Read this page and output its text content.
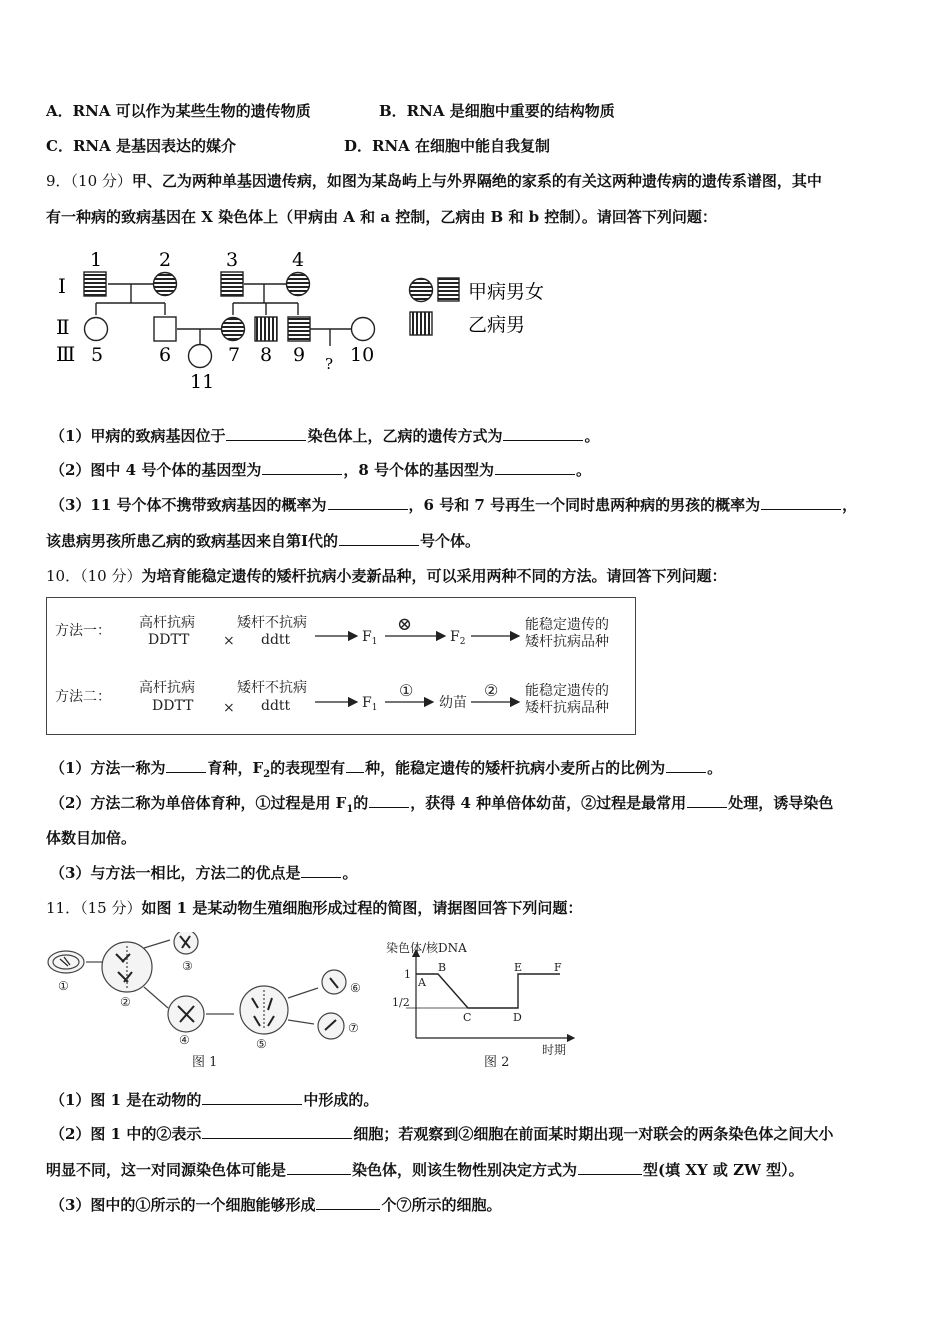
A．RNA 可以作为某些生物的遗传物质	B．RNA 是细胞中重要的结构物质
C．RNA 是基因表达的媒介	D．RNA 在细胞中能自我复制
9．（10 分）甲、乙为两种单基因遗传病，如图为某岛屿上与外界隔绝的家系的有关这两种遗传病的遗传系谱图，其中
有一种病的致病基因在 X 染色体上（甲病由 A 和 a 控制，乙病由 B 和 b 控制）。请回答下列问题：
Ⅰ
Ⅱ
Ⅲ
1	2	3	4
5	6	7 8 9 10
11
?
甲病男女
乙病男
（1）甲病的致病基因位于	染色体上，乙病的遗传方式为	。
（2）图中 4 号个体的基因型为	，8 号个体的基因型为	。
（3）11 号个体不携带致病基因的概率为	，6 号和 7 号再生一个同时患两种病的男孩的概率为	，
该患病男孩所患乙病的致病基因来自第Ⅰ代的	号个体。
10．（10 分）为培育能稳定遗传的矮杆抗病小麦新品种，可以采用两种不同的方法。请回答下列问题：
方法一： 高杆抗病
DDTT ×
矮杆不抗病
ddtt	$F_1$
⊗
$F_2$
能稳定遗传的
矮杆抗病品种
方法二：
高杆抗病
DDTT ×
矮杆不抗病
ddtt	$F_1$
①
幼苗
② 能稳定遗传的
矮杆抗病品种
（1）方法一称为	育种，$F_2$的表现型有 种，能稳定遗传的矮杆抗病小麦所占的比例为	。
（2）方法二称为单倍体育种，①过程是用 $F_1$的	，获得 4 种单倍体幼苗，②过程是最常用	处理，诱导染色
体数目加倍。
（3）与方法一相比，方法二的优点是	。
11．（15 分）如图 1 是某动物生殖细胞形成过程的简图，请据图回答下列问题：
①
②
③
④	⑤
⑥
⑦
图 1
染色体/核DNA
1
1/2
A
B
C	D
E	F
时期
图 2
（1）图 1 是在动物的	中形成的。
（2）图 1 中的②表示	细胞；若观察到②细胞在前面某时期出现一对联会的两条染色体之间大小
明显不同，这一对同源染色体可能是	染色体，则该生物性别决定方式为	型(填 XY 或 ZW 型）。
（3）图中的①所示的一个细胞能够形成	个⑦所示的细胞。
